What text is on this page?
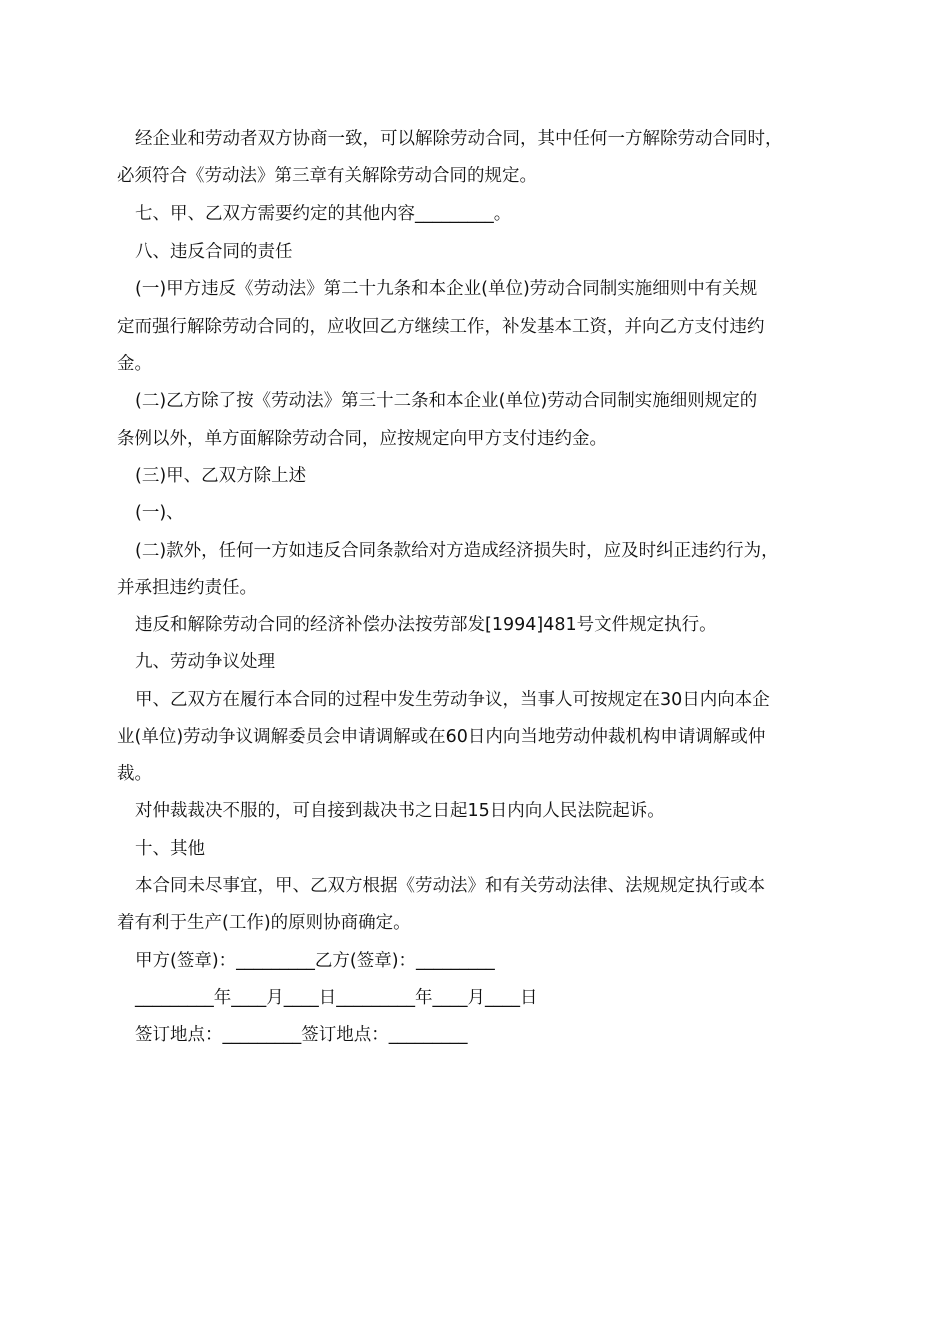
经企业和劳动者双方协商一致，可以解除劳动合同，其中任何一方解除劳动合同时，
必须符合《劳动法》第三章有关解除劳动合同的规定。
七、甲、乙双方需要约定的其他内容_________。
八、违反合同的责任
(一)甲方违反《劳动法》第二十九条和本企业(单位)劳动合同制实施细则中有关规
定而强行解除劳动合同的，应收回乙方继续工作，补发基本工资，并向乙方支付违约
金。
(二)乙方除了按《劳动法》第三十二条和本企业(单位)劳动合同制实施细则规定的
条例以外，单方面解除劳动合同，应按规定向甲方支付违约金。
(三)甲、乙双方除上述
(一)、
(二)款外，任何一方如违反合同条款给对方造成经济损失时，应及时纠正违约行为，
并承担违约责任。
违反和解除劳动合同的经济补偿办法按劳部发[1994]481号文件规定执行。
九、劳动争议处理
甲、乙双方在履行本合同的过程中发生劳动争议，当事人可按规定在30日内向本企
业(单位)劳动争议调解委员会申请调解或在60日内向当地劳动仲裁机构申请调解或仲
裁。
对仲裁裁决不服的，可自接到裁决书之日起15日内向人民法院起诉。
十、其他
本合同未尽事宜，甲、乙双方根据《劳动法》和有关劳动法律、法规规定执行或本
着有利于生产(工作)的原则协商确定。
甲方(签章)：_________乙方(签章)：_________
_________年____月____日_________年____月____日
签订地点：_________签订地点：_________
